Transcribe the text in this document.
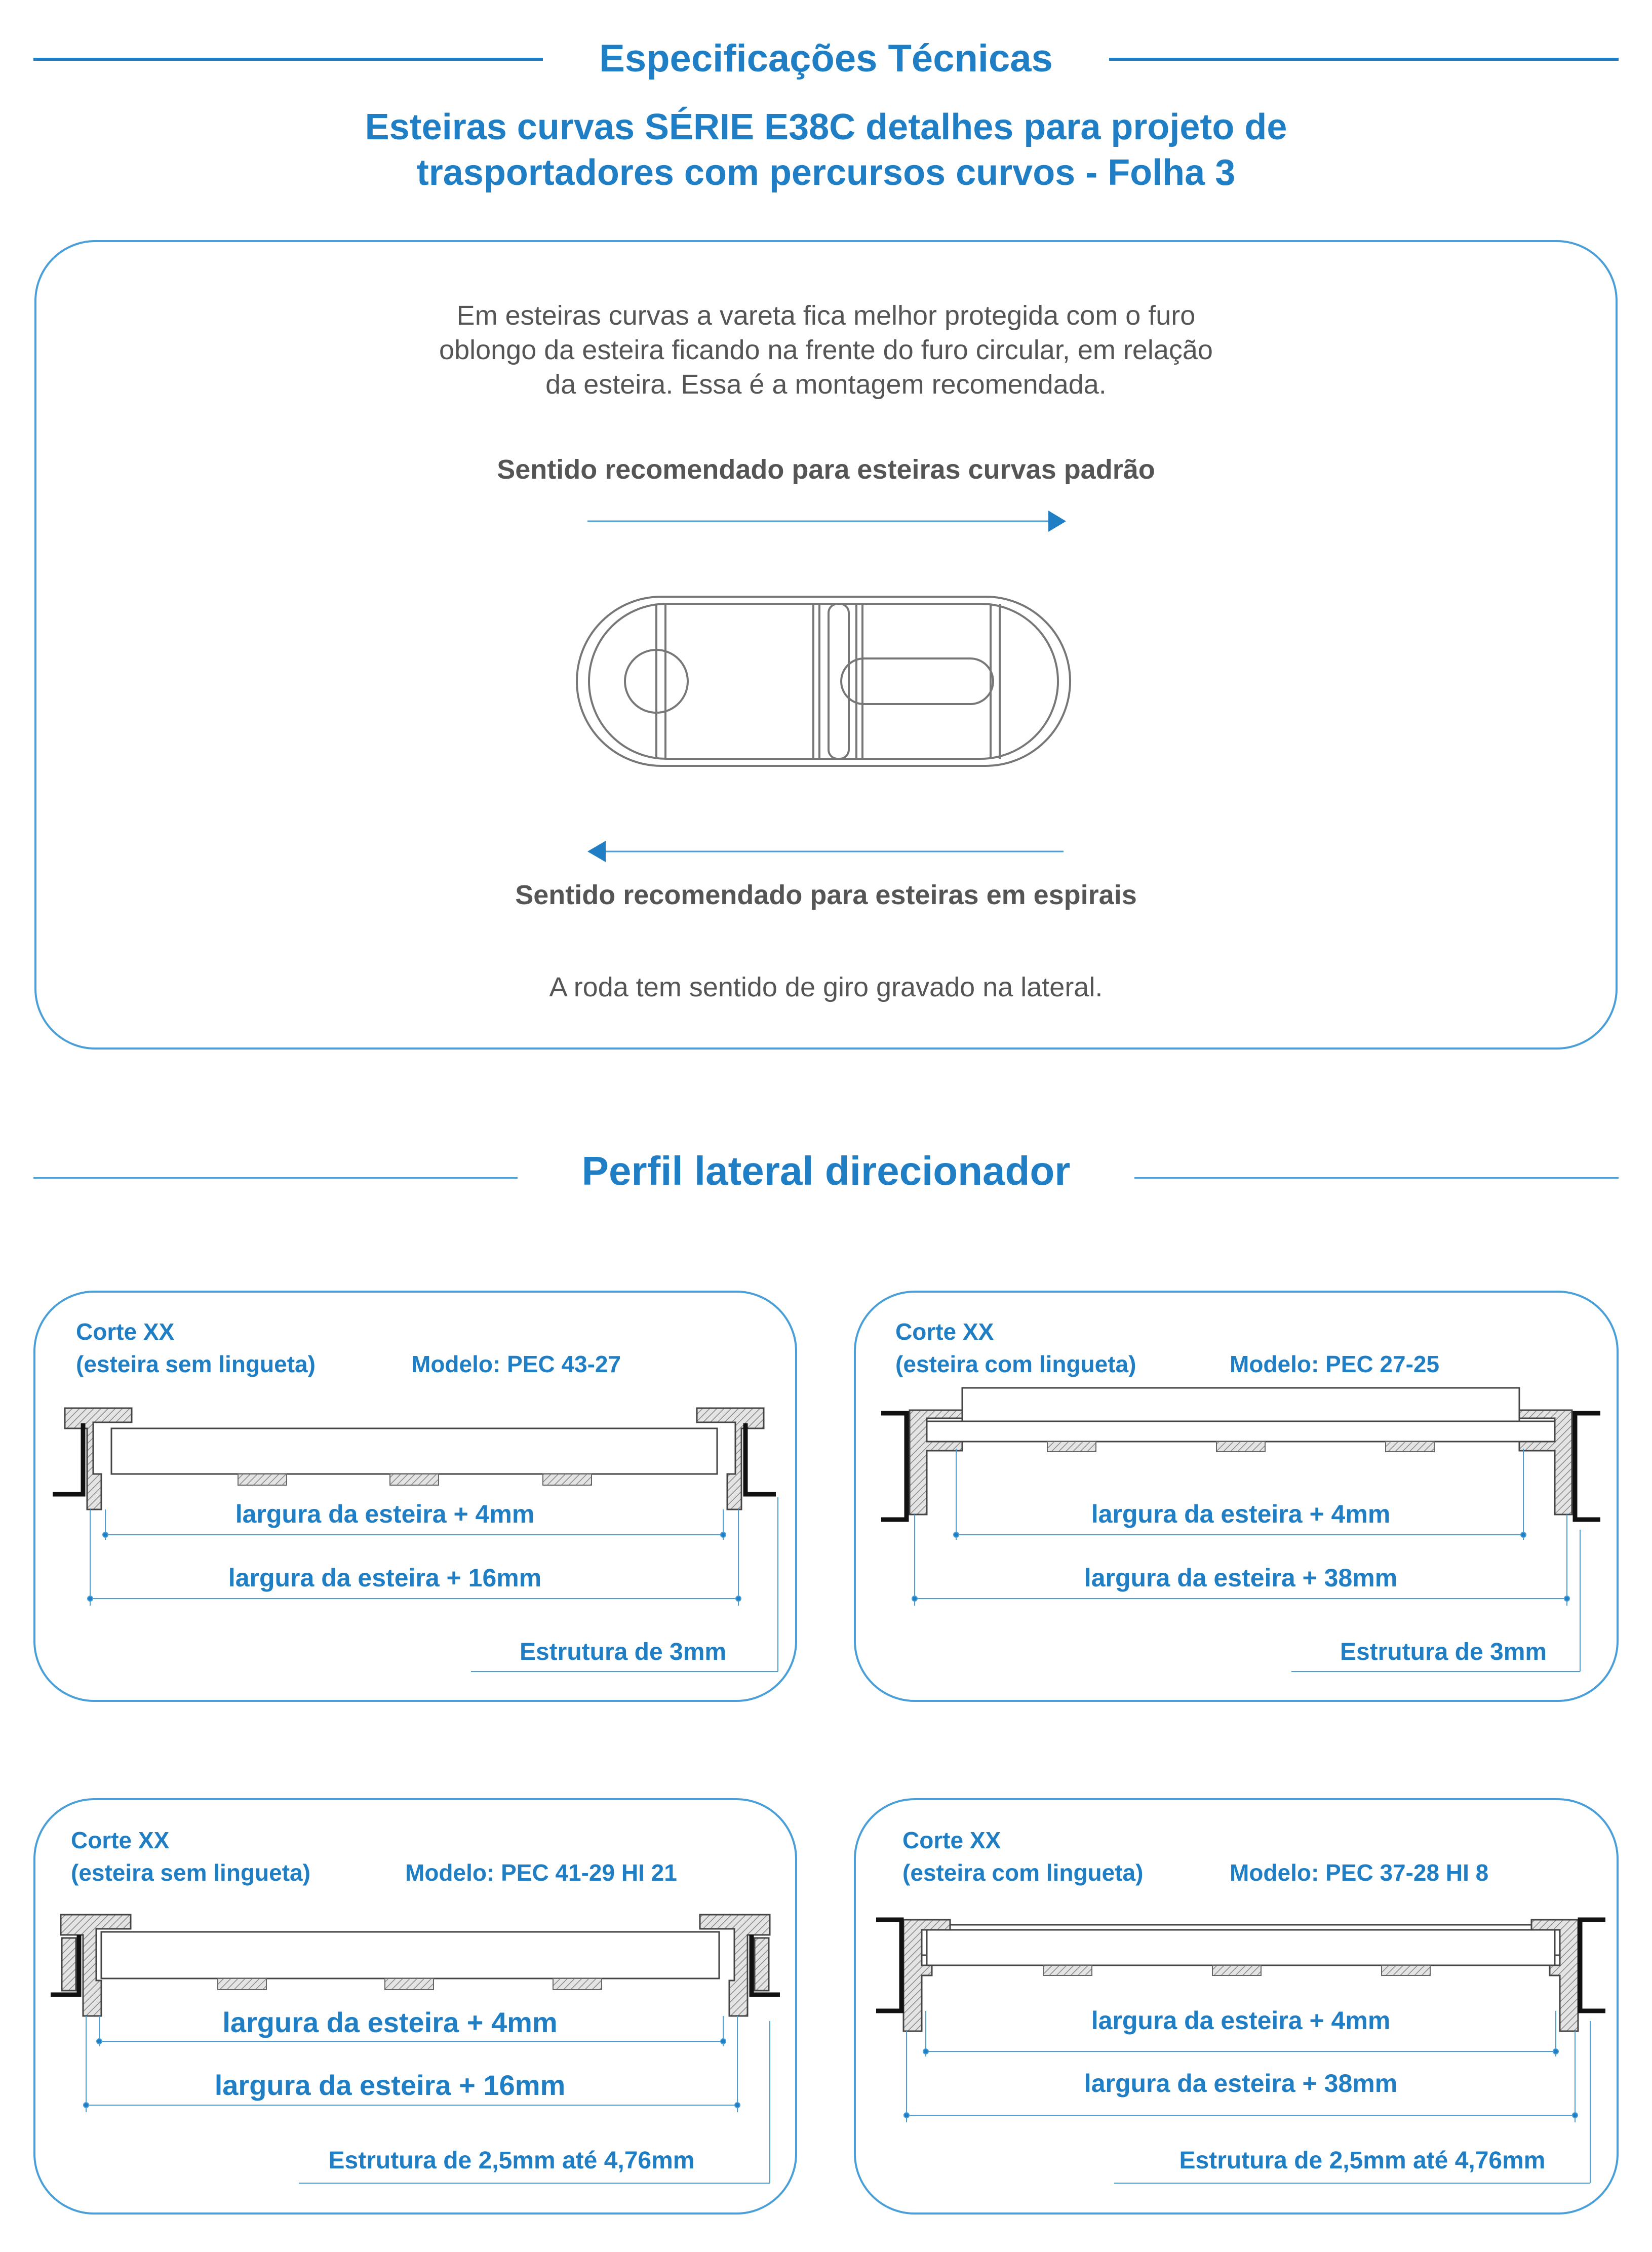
Especificações Técnicas
Esteiras curvas SÉRIE E38C detalhes para projeto de
trasportadores com percursos curvos - Folha 3
Em esteiras curvas a vareta fica melhor protegida com o furo
oblongo da esteira ficando na frente do furo circular, em relação
da esteira. Essa é a montagem recomendada.
Sentido recomendado para esteiras curvas padrão
Sentido recomendado para esteiras em espirais
A roda tem sentido de giro gravado na lateral.
Perfil lateral direcionador
Corte XX
(esteira sem lingueta)	Modelo: PEC 43-27
largura da esteira + 4mm
largura da esteira + 16mm
Estrutura de 3mm
Corte XX
(esteira com lingueta)	Modelo: PEC 27-25
largura da esteira + 4mm
largura da esteira + 38mm
Estrutura de 3mm
Corte XX
(esteira sem lingueta)	Modelo: PEC 41-29 HI 21
largura da esteira + 4mm
largura da esteira + 16mm
Estrutura de 2,5mm até 4,76mm
Corte XX
(esteira com lingueta)	Modelo: PEC 37-28 HI 8
largura da esteira + 4mm
largura da esteira + 38mm
Estrutura de 2,5mm até 4,76mm
